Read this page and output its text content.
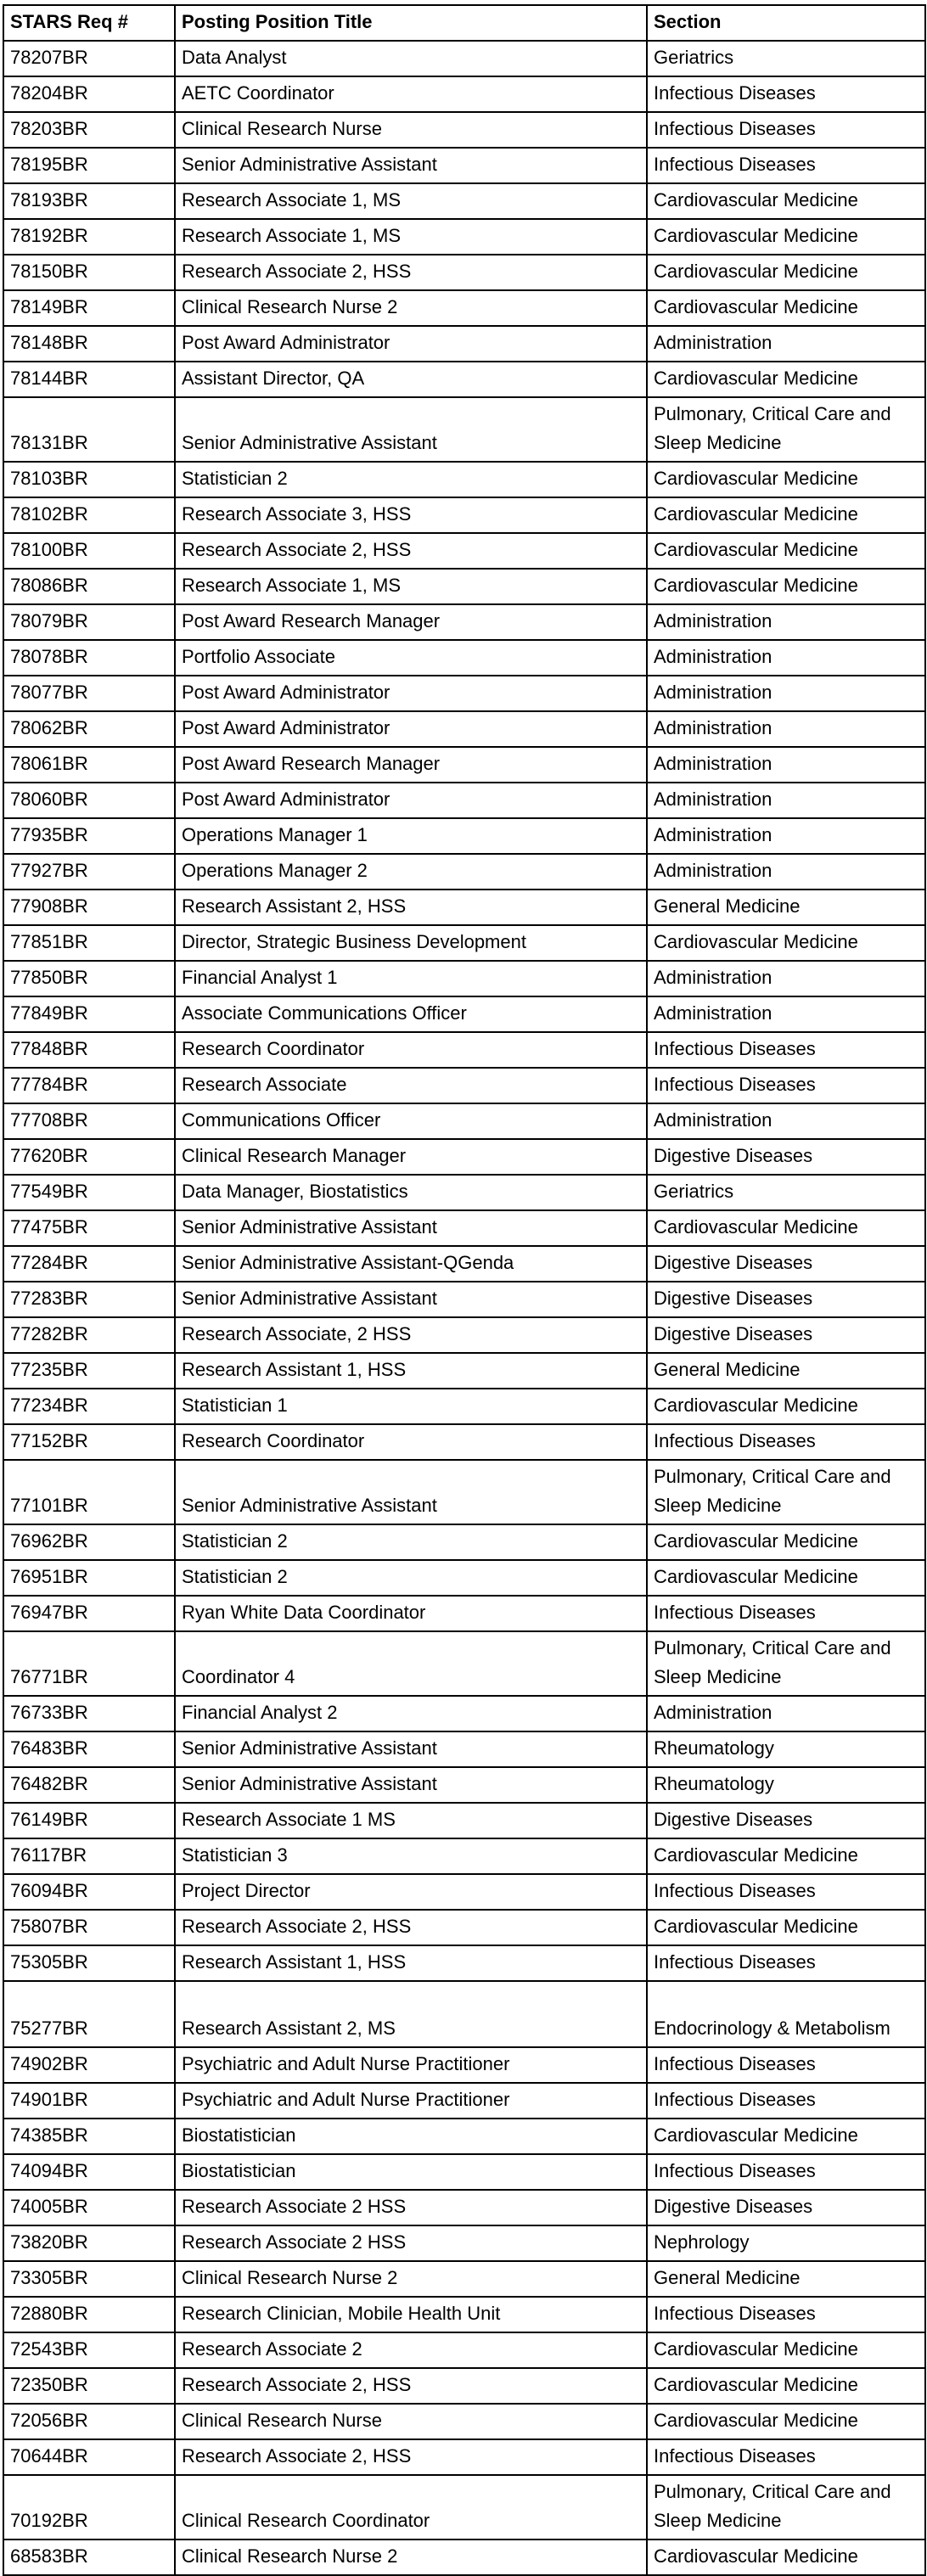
STARS Req #	Posting Position Title	Section
78207BR	Data Analyst	Geriatrics
78204BR	AETC Coordinator	Infectious Diseases
78203BR	Clinical Research Nurse	Infectious Diseases
78195BR	Senior Administrative Assistant	Infectious Diseases
78193BR	Research Associate 1, MS	Cardiovascular Medicine
78192BR	Research Associate 1, MS	Cardiovascular Medicine
78150BR	Research Associate 2, HSS	Cardiovascular Medicine
78149BR	Clinical Research Nurse 2	Cardiovascular Medicine
78148BR	Post Award Administrator	Administration
78144BR	Assistant Director, QA	Cardiovascular Medicine
78131BR	Senior Administrative Assistant	Pulmonary, Critical Care and Sleep Medicine
78103BR	Statistician 2	Cardiovascular Medicine
78102BR	Research Associate 3, HSS	Cardiovascular Medicine
78100BR	Research Associate 2, HSS	Cardiovascular Medicine
78086BR	Research Associate 1, MS	Cardiovascular Medicine
78079BR	Post Award Research Manager	Administration
78078BR	Portfolio Associate	Administration
78077BR	Post Award Administrator	Administration
78062BR	Post Award Administrator	Administration
78061BR	Post Award Research Manager	Administration
78060BR	Post Award Administrator	Administration
77935BR	Operations Manager 1	Administration
77927BR	Operations Manager 2	Administration
77908BR	Research Assistant 2, HSS	General Medicine
77851BR	Director, Strategic Business Development	Cardiovascular Medicine
77850BR	Financial Analyst 1	Administration
77849BR	Associate Communications Officer	Administration
77848BR	Research Coordinator	Infectious Diseases
77784BR	Research Associate	Infectious Diseases
77708BR	Communications Officer	Administration
77620BR	Clinical Research Manager	Digestive Diseases
77549BR	Data Manager, Biostatistics	Geriatrics
77475BR	Senior Administrative Assistant	Cardiovascular Medicine
77284BR	Senior Administrative Assistant-QGenda	Digestive Diseases
77283BR	Senior Administrative Assistant	Digestive Diseases
77282BR	Research Associate, 2 HSS	Digestive Diseases
77235BR	Research Assistant 1, HSS	General Medicine
77234BR	Statistician 1	Cardiovascular Medicine
77152BR	Research Coordinator	Infectious Diseases
77101BR	Senior Administrative Assistant	Pulmonary, Critical Care and Sleep Medicine
76962BR	Statistician 2	Cardiovascular Medicine
76951BR	Statistician 2	Cardiovascular Medicine
76947BR	Ryan White Data Coordinator	Infectious Diseases
76771BR	Coordinator 4	Pulmonary, Critical Care and Sleep Medicine
76733BR	Financial Analyst 2	Administration
76483BR	Senior Administrative Assistant	Rheumatology
76482BR	Senior Administrative Assistant	Rheumatology
76149BR	Research Associate 1 MS	Digestive Diseases
76117BR	Statistician 3	Cardiovascular Medicine
76094BR	Project Director	Infectious Diseases
75807BR	Research Associate 2, HSS	Cardiovascular Medicine
75305BR	Research Assistant 1, HSS	Infectious Diseases
75277BR	Research Assistant 2, MS	Endocrinology & Metabolism
74902BR	Psychiatric and Adult Nurse Practitioner	Infectious Diseases
74901BR	Psychiatric and Adult Nurse Practitioner	Infectious Diseases
74385BR	Biostatistician	Cardiovascular Medicine
74094BR	Biostatistician	Infectious Diseases
74005BR	Research Associate 2 HSS	Digestive Diseases
73820BR	Research Associate 2 HSS	Nephrology
73305BR	Clinical Research Nurse 2	General Medicine
72880BR	Research Clinician, Mobile Health Unit	Infectious Diseases
72543BR	Research Associate 2	Cardiovascular Medicine
72350BR	Research Associate 2, HSS	Cardiovascular Medicine
72056BR	Clinical Research Nurse	Cardiovascular Medicine
70644BR	Research Associate 2, HSS	Infectious Diseases
70192BR	Clinical Research Coordinator	Pulmonary, Critical Care and Sleep Medicine
68583BR	Clinical Research Nurse 2	Cardiovascular Medicine
